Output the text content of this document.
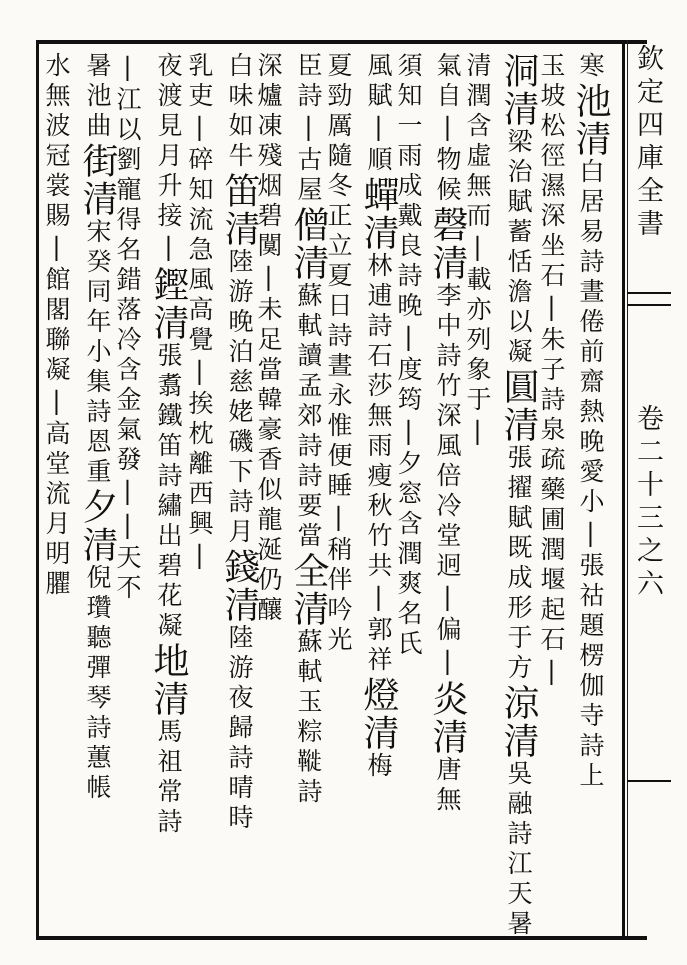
欽定四庫全書
卷二十三之六
寒池清白居易詩晝倦前齋熱晚愛小|張祜題楞伽寺詩上
玉坡松徑濕深坐石|朱子詩泉疏藥圃潤堰起石|
洞清梁治賦蓄恬澹以凝圓清張擢賦既成形于方涼清吳融詩江天暑
清潤含虛無而|載亦列象于|
氣自|物候磬清李中詩竹深風倍冷堂迥|偏|炎清唐無
須知一雨成戴良詩晚|度筠|夕窓含潤爽名氏
風賦|順蟬清林逋詩石莎無雨瘦秋竹共|郭祥燈清梅
夏勁厲隨冬正立夏日詩晝永惟便睡|稍伴吟光
臣詩|古屋僧清蘇軾讀孟郊詩詩要當全清蘇軾玉粽𩌦詩
深爐凍殘烟碧闃|未足當韓豪香似龍涎仍釀
白味如牛笛清陸游晚泊慈姥磯下詩月錢清陸游夜歸詩晴時
乳吏|碎知流急風高覺|挨枕離西興|
夜渡見月升接|鏗清張翥鐵笛詩繡出碧花凝地清馬祖常詩
|江以劉寵得名錯落冷含金氣發||天不
暑池曲街清宋癸同年小集詩恩重夕清倪瓚聽彈琴詩蕙帳
水無波冠裳賜|館閣聯凝|高堂流月明臞
